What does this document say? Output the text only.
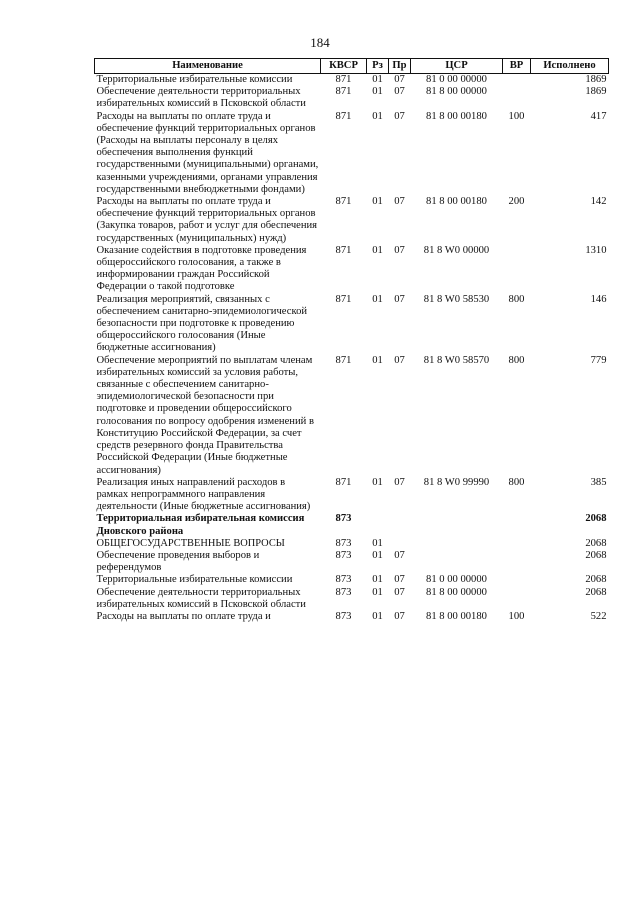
184
Наименование	КВСР	Рз	Пр	ЦСР	ВР	Исполнено
Территориальные избирательные комиссии	871	01	07	81 0 00 00000		1869
Обеспечение деятельности территориальных избирательных комиссий в Псковской области	871	01	07	81 8 00 00000		1869
Расходы на выплаты по оплате труда и обеспечение функций территориальных органов (Расходы на выплаты персоналу в целях обеспечения выполнения функций государственными (муниципальными) органами, казенными учреждениями, органами управления государственными внебюджетными фондами)	871	01	07	81 8 00 00180	100	417
Расходы на выплаты по оплате труда и обеспечение функций территориальных органов (Закупка товаров, работ и услуг для обеспечения государственных (муниципальных) нужд)	871	01	07	81 8 00 00180	200	142
Оказание содействия в подготовке проведения общероссийского голосования, а также в информировании граждан Российской Федерации о такой подготовке	871	01	07	81 8 W0 00000		1310
Реализация мероприятий, связанных с обеспечением санитарно-эпидемиологической безопасности при подготовке к проведению общероссийского голосования (Иные бюджетные ассигнования)	871	01	07	81 8 W0 58530	800	146
Обеспечение мероприятий по выплатам членам избирательных комиссий за условия работы, связанные с обеспечением санитарно-эпидемиологической безопасности при подготовке и проведении общероссийского голосования по вопросу одобрения изменений в Конституцию Российской Федерации, за счет средств резервного фонда Правительства Российской Федерации (Иные бюджетные ассигнования)	871	01	07	81 8 W0 58570	800	779
Реализация иных направлений расходов в рамках непрограммного направления деятельности (Иные бюджетные ассигнования)	871	01	07	81 8 W0 99990	800	385
Территориальная избирательная комиссия Дновского района	873					2068
ОБЩЕГОСУДАРСТВЕННЫЕ ВОПРОСЫ	873	01				2068
Обеспечение проведения выборов и референдумов	873	01	07			2068
Территориальные избирательные комиссии	873	01	07	81 0 00 00000		2068
Обеспечение деятельности территориальных избирательных комиссий в Псковской области	873	01	07	81 8 00 00000		2068
Расходы на выплаты по оплате труда и	873	01	07	81 8 00 00180	100	522
